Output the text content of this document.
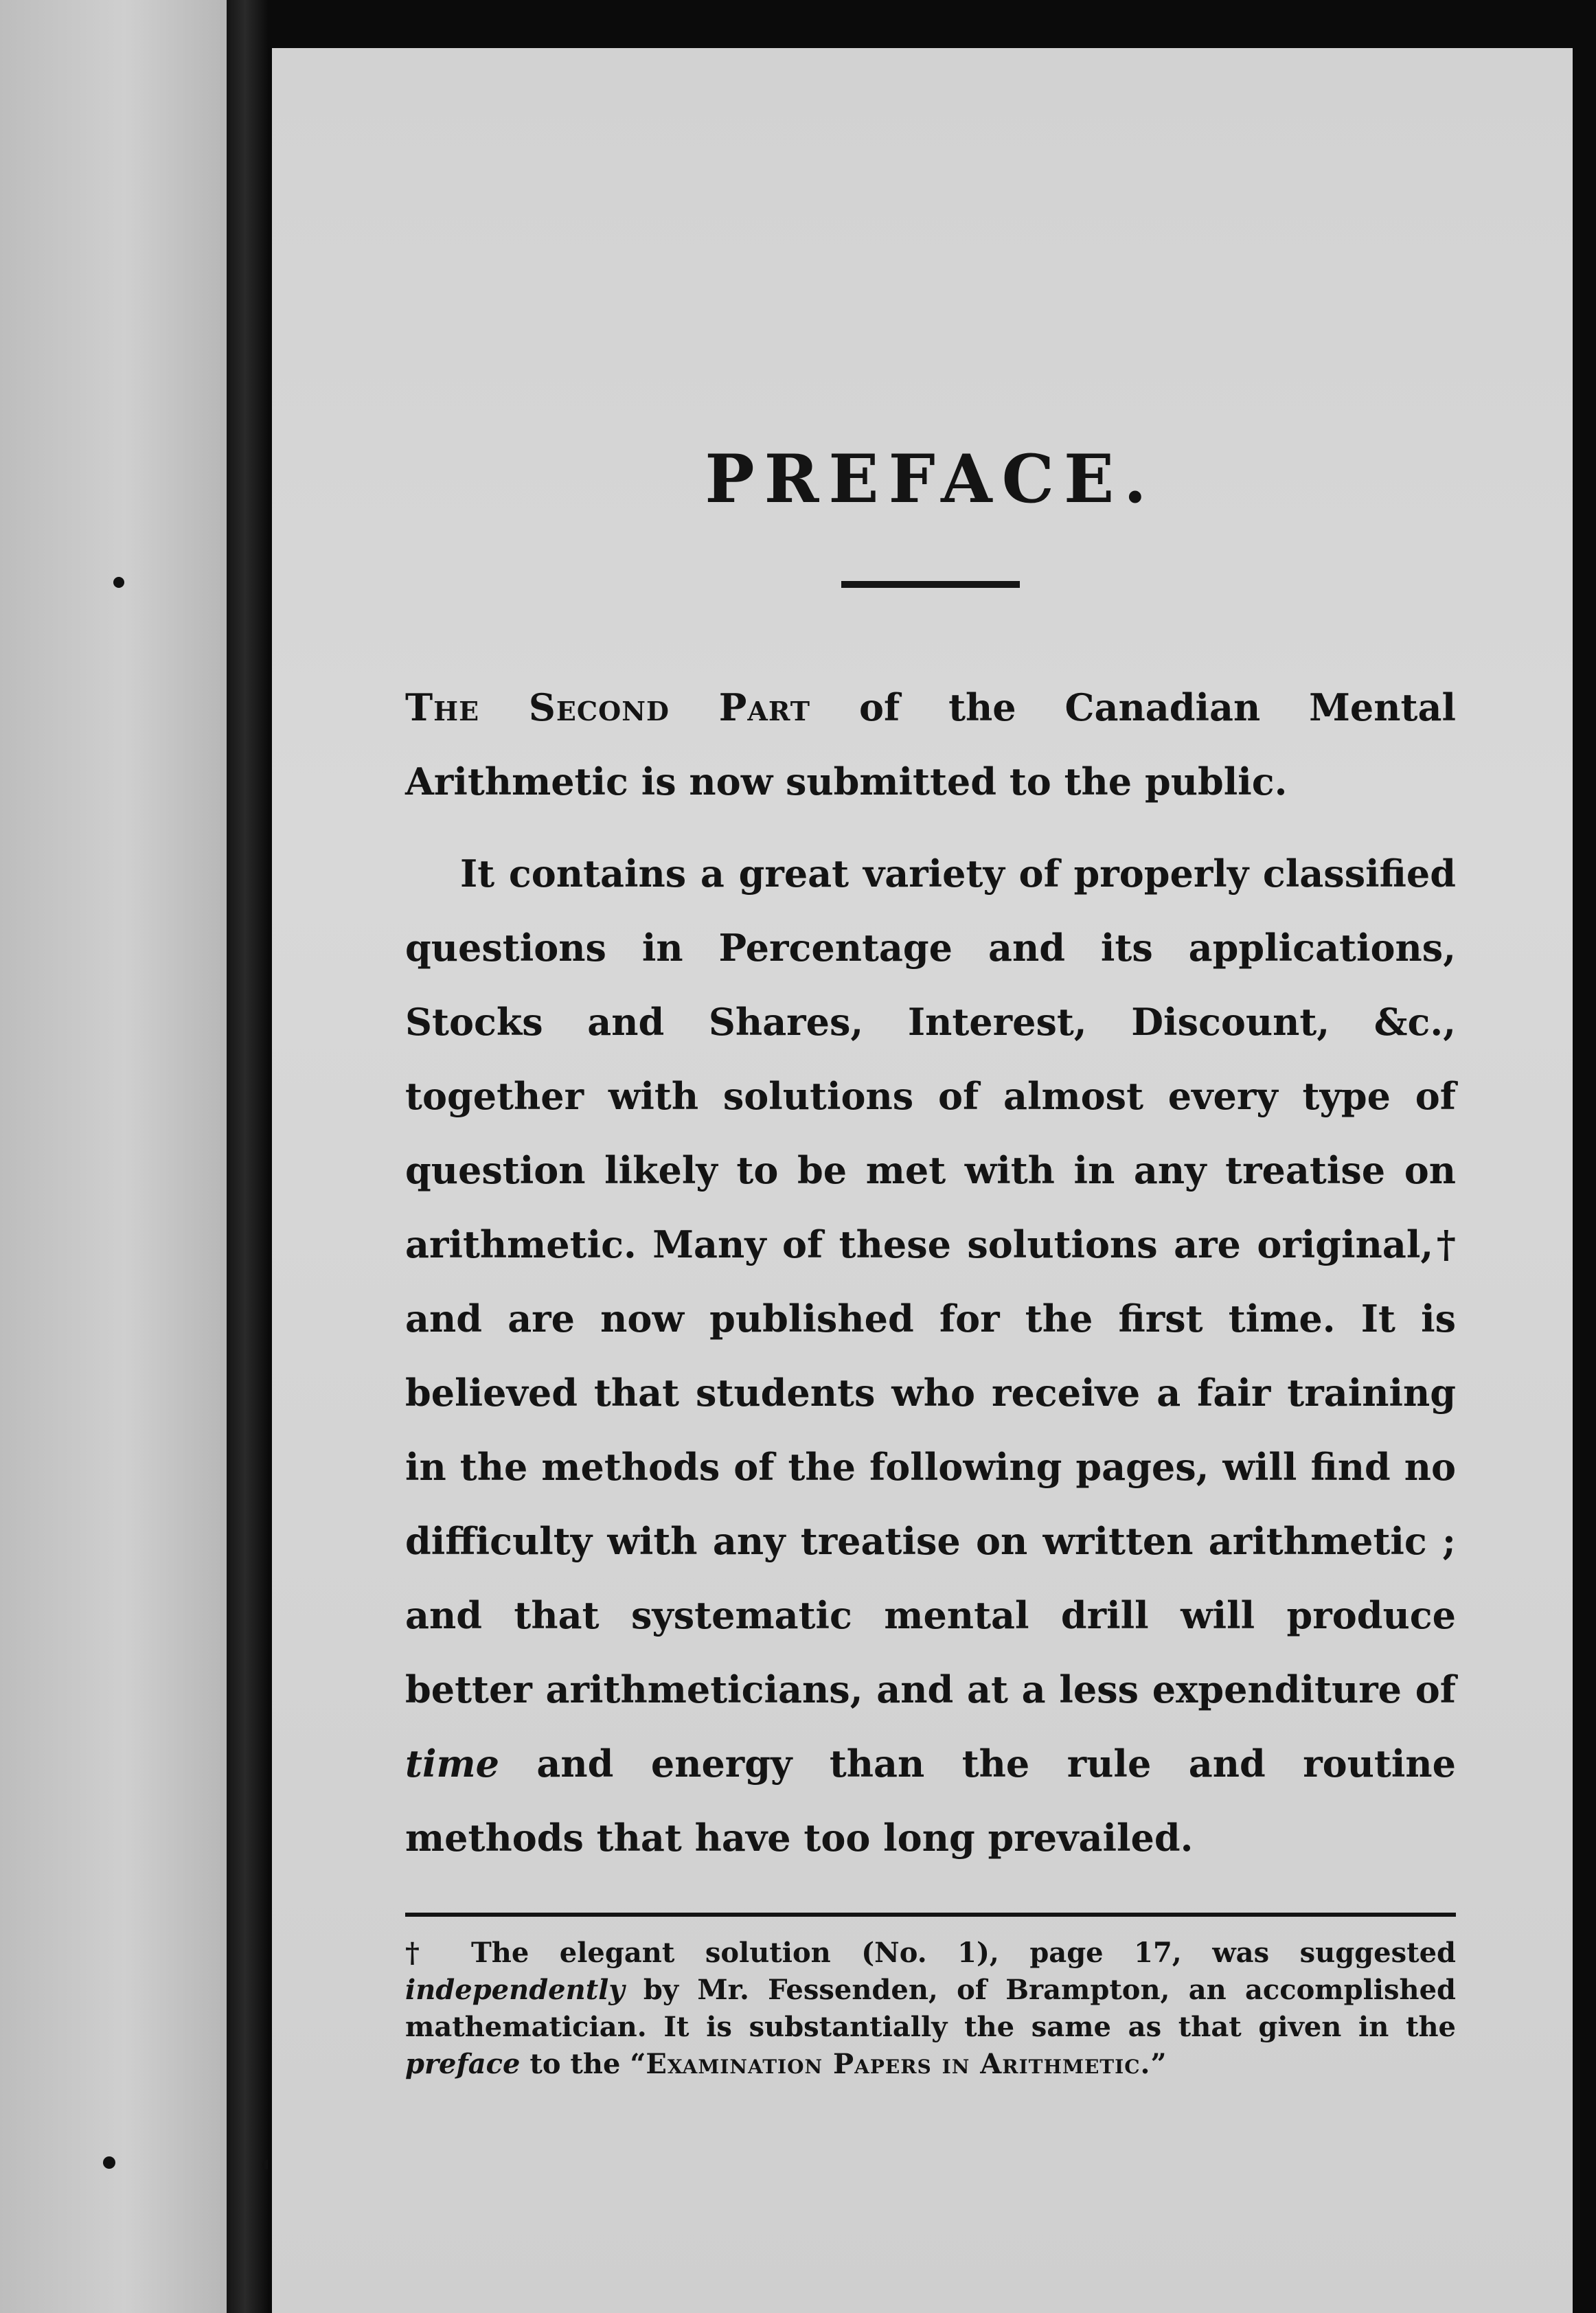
PREFACE.

The Second Part of the Canadian Mental Arithmetic is now submitted to the public.

It contains a great variety of properly classified questions in Percentage and its applications, Stocks and Shares, Interest, Discount, &c., together with solutions of almost every type of question likely to be met with in any treatise on arithmetic. Many of these solutions are original,† and are now published for the first time. It is believed that students who receive a fair training in the methods of the following pages, will find no difficulty with any treatise on written arithmetic ; and that systematic mental drill will produce better arithmeticians, and at a less expenditure of time and energy than the rule and routine methods that have too long prevailed.

† The elegant solution (No. 1), page 17, was suggested independently by Mr. Fessenden, of Brampton, an accomplished mathematician. It is substantially the same as that given in the preface to the “Examination Papers in Arithmetic.”
